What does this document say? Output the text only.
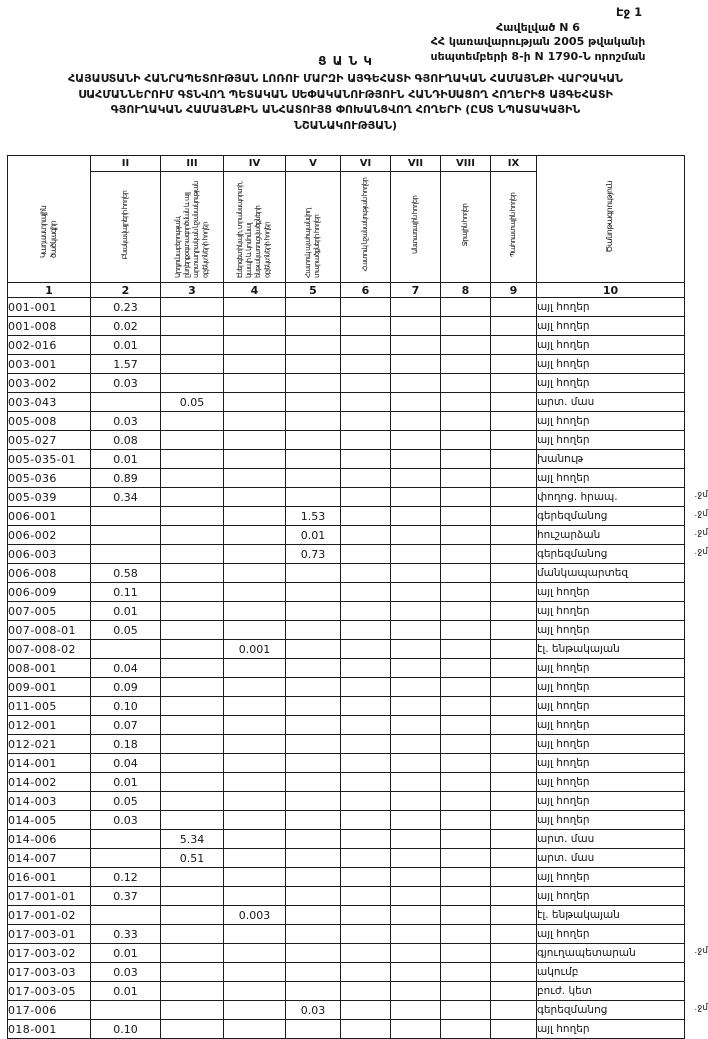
Էջ 1
Հավելված N 6
ՀՀ կառավարության 2005 թվականի
սեպտեմբերի 8-ի N 1790-Ն որոշման
Ց Ա Ն Կ
ՀԱՅԱՍՏԱՆԻ ՀԱՆՐԱՊԵՏՈՒԹՅԱՆ ԼՈՌՈՒ ՄԱՐԶԻ ԱՅԳԵՀԱՏԻ ԳՅՈՒՂԱԿԱՆ ՀԱՄԱՅՆՔԻ ՎԱՐՉԱԿԱՆ
ՍԱՀՄԱՆՆԵՐՈՒՄ ԳՏՆՎՈՂ ՊԵՏԱԿԱՆ ՍԵՓԱԿԱՆՈՒԹՅՈՒՆ ՀԱՆԴԻՍԱՑՈՂ ՀՈՂԵՐԻՑ ԱՅԳԵՀԱՏԻ
ԳՅՈՒՂԱԿԱՆ ՀԱՄԱՅՆՔԻՆ ԱՆՀԱՏՈՒՅՑ ՓՈԽԱՆՑՎՈՂ ՀՈՂԵՐԻ (ԸՍՏ ՆՊԱՏԱԿԱՅԻՆ
ՆՇԱՆԱԿՈՒԹՅԱՆ)
Կադաստրային ծածկագիր	II	III	IV	V	VI	VII	VIII	IX	Ծանոթագրություն
	Բնակավայրերի հողեր	Արդյունաբերության, ընդերքօգտագործման և այլ արտադրական նշանակության օբյեկտների հողեր	Էներգետիկայի, տրանսպորտի, կապի և կոմունալ ենթակառուցվածքների օբյեկտների հողեր	Հատուկ պահպանվող տարածքների հողեր	Հատուկ նշանակության հողեր	Անտառային հողեր	Ջրային հողեր	Պահուստային հողեր	
1	2	3	4	5	6	7	8	9	10
001-001	0.23								այլ հողեր
001-008	0.02								այլ հողեր
002-016	0.01								այլ հողեր
003-001	1.57								այլ հողեր
003-002	0.03								այլ հողեր
003-043		0.05							արտ. մաս
005-008	0.03								այլ հողեր
005-027	0.08								այլ հողեր
005-035-01	0.01								խանութ
005-036	0.89								այլ հողեր
005-039	0.34								փողոց. հրապ. .ջմ

006-001				1.53					գերեզմանոց .ջմ

006-002				0.01					հուշարձան .ջմ

006-003				0.73					գերեզմանոց .ջմ

006-008	0.58								մանկապարտեզ
006-009	0.11								այլ հողեր
007-005	0.01								այլ հողեր
007-008-01	0.05								այլ հողեր
007-008-02			0.001						էլ. ենթակայան
008-001	0.04								այլ հողեր
009-001	0.09								այլ հողեր
011-005	0.10								այլ հողեր
012-001	0.07								այլ հողեր
012-021	0.18								այլ հողեր
014-001	0.04								այլ հողեր
014-002	0.01								այլ հողեր
014-003	0.05								այլ հողեր
014-005	0.03								այլ հողեր
014-006		5.34							արտ. մաս
014-007		0.51							արտ. մաս
016-001	0.12								այլ հողեր
017-001-01	0.37								այլ հողեր
017-001-02			0.003						էլ. ենթակայան
017-003-01	0.33								այլ հողեր
017-003-02	0.01								գյուղապետարան .ջմ

017-003-03	0.03								ակումբ
017-003-05	0.01								բուժ. կետ
017-006				0.03					գերեզմանոց .ջմ

018-001	0.10								այլ հողեր
